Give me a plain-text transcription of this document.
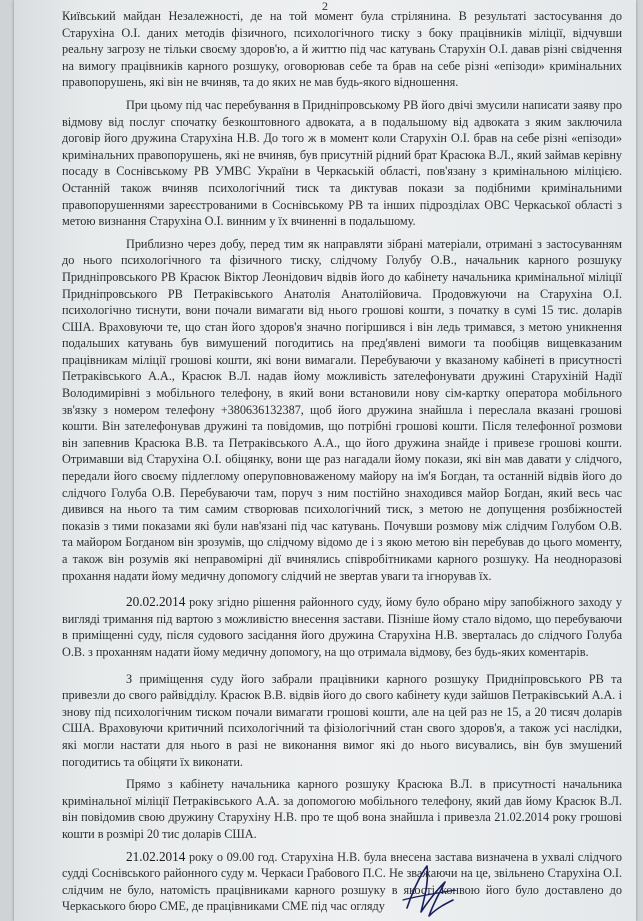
2

Київський майдан Незалежності, де на той момент була стрілянина. В результаті застосування до Старухіна О.І. даних методів фізичного, психологічного тиску з боку працівників міліції, відчувши реальну загрозу не тільки своєму здоров'ю, а й життю під час катувань Старухін О.І. давав різні свідчення на вимогу працівників карного розшуку, оговорював себе та брав на себе різні «епізоди» кримінальних правопорушень, які він не вчиняв, та до яких не мав будь-якого відношення.

При цьому під час перебування в Придніпровському РВ його двічі змусили написати заяву про відмову від послуг спочатку безкоштовного адвоката, а в подальшому від адвоката з яким заключила договір його дружина Старухіна Н.В. До того ж в момент коли Старухін О.І. брав на себе різні «епізоди» кримінальних правопорушень, які не вчиняв, був присутній рідний брат Красюка В.Л., який займав керівну посаду в Соснівському РВ УМВС України в Черкаській області, пов'язану з кримінальною міліцією. Останній також вчиняв психологічний тиск та диктував покази за подібними кримінальними правопорушеннями зареєстрованими в Соснівському РВ та інших підрозділах ОВС Черкаської області з метою визнання Старухіна О.І. винним у їх вчиненні в подальшому.

Приблизно через добу, перед тим як направляти зібрані матеріали, отримані з застосуванням до нього психологічного та фізичного тиску, слідчому Голубу О.В., начальник карного розшуку Придніпровського РВ Красюк Віктор Леонідович відвів його до кабінету начальника кримінальної міліції Придніпровського РВ Петраківського Анатолія Анатолійовича. Продовжуючи на Старухіна О.І. психологічно тиснути, вони почали вимагати від нього грошові кошти, з початку в сумі 15 тис. доларів США. Враховуючи те, що стан його здоров'я значно погіршився і він ледь тримався, з метою уникнення подальших катувань був вимушений погодитись на пред'явлені вимоги та пообіцяв вищевказаним працівникам міліції грошові кошти, які вони вимагали. Перебуваючи у вказаному кабінеті в присутності Петраківського А.А., Красюк В.Л. надав йому можливість зателефонувати дружині Старухіній Надії Володимирівні з мобільного телефону, в який вони встановили нову сім-картку оператора мобільного зв'язку з номером телефону +380636132387, щоб його дружина знайшла і переслала вказані грошові кошти. Він зателефонував дружині та повідомив, що потрібні грошові кошти. Після телефонної розмови він запевнив Красюка В.В. та Петраківського А.А., що його дружина знайде і привезе грошові кошти. Отримавши від Старухіна О.І. обіцянку, вони ще раз нагадали йому покази, які він мав давати у слідчого, передали його своєму підлеглому оперуповноваженому майору на ім'я Богдан, та останній відвів його до слідчого Голуба О.В. Перебуваючи там, поруч з ним постійно знаходився майор Богдан, який весь час дивився на нього та тим самим створював психологічний тиск, з метою не допущення розбіжностей показів з тими показами які були нав'язані під час катувань. Почувши розмову між слідчим Голубом О.В. та майором Богданом він зрозумів, що слідчому відомо де і з якою метою він перебував до цього моменту, а також він розумів які неправомірні дії вчинялись співробітниками карного розшуку. На неодноразові прохання надати йому медичну допомогу слідчий не звертав уваги та ігнорував їх.

20.02.2014 року згідно рішення районного суду, йому було обрано міру запобіжного заходу у вигляді тримання під вартою з можливістю внесення застави. Пізніше йому стало відомо, що перебуваючи в приміщенні суду, після судового засідання його дружина Старухіна Н.В. зверталась до слідчого Голуба О.В. з проханням надати йому медичну допомогу, на що отримала відмову, без будь-яких коментарів.

З приміщення суду його забрали працівники карного розшуку Придніпровського РВ та привезли до свого райвідділу. Красюк В.В. відвів його до свого кабінету куди зайшов Петраківський А.А. і знову під психологічним тиском почали вимагати грошові кошти, але на цей раз не 15, а 20 тисяч доларів США. Враховуючи критичний психологічний та фізіологічний стан свого здоров'я, а також усі наслідки, які могли настати для нього в разі не виконання вимог які до нього висувались, він був змушений погодитись та обіцяти їх виконати.

Прямо з кабінету начальника карного розшуку Красюка В.Л. в присутності начальника кримінальної міліції Петраківського А.А. за допомогою мобільного телефону, який дав йому Красюк В.Л. він повідомив свою дружину Старухіну Н.В. про те щоб вона знайшла і привезла 21.02.2014 року грошові кошти в розмірі 20 тис доларів США.

21.02.2014 року о 09.00 год. Старухіна Н.В. була внесена застава визначена в ухвалі слідчого судді Соснівського районного суду м. Черкаси Грабового П.С. Не зважаючи на це, звільнено Старухіна О.І. слідчим не було, натомість працівниками карного розшуку в якості конвою його було доставлено до Черкаського бюро СМЕ, де працівниками СМЕ під час огляду
